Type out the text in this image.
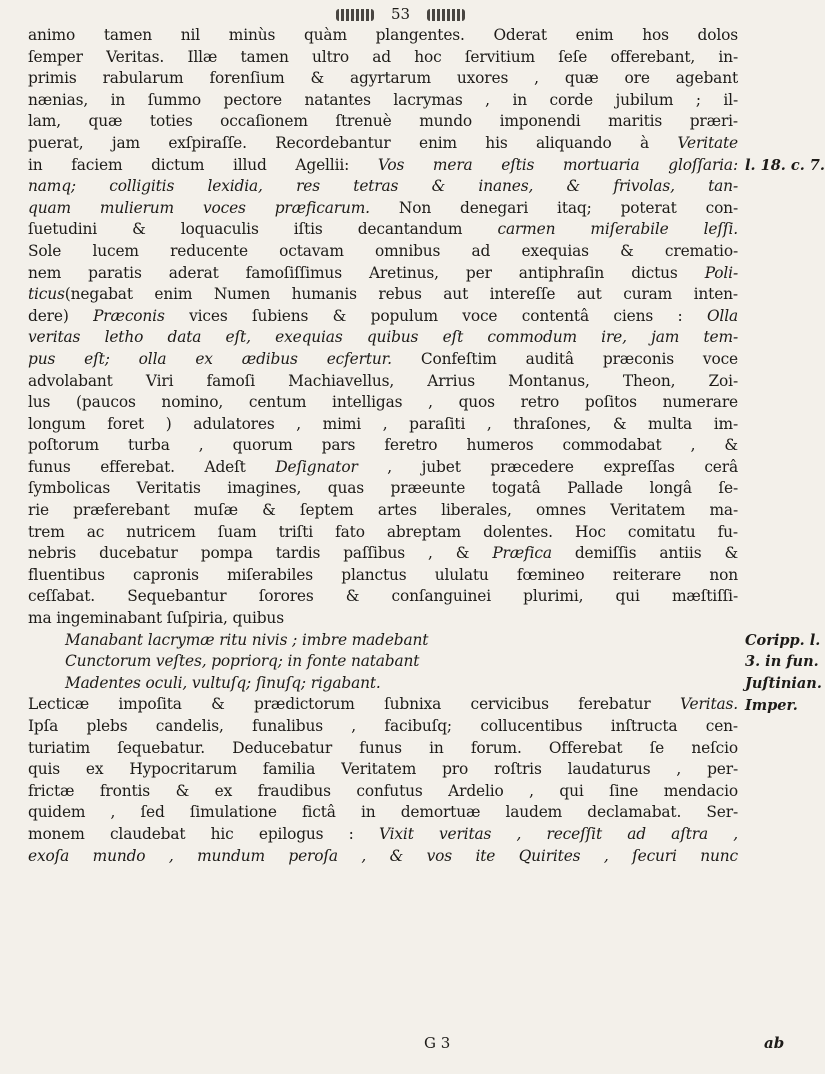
53
animo tamen nil minùs quàm plangentes. Oderat enim hos dolos
ſemper Veritas. Illæ tamen ultro ad hoc ſervitium ſeſe offerebant, in-
primis rabularum forenſium & agyrtarum uxores , quæ ore agebant
nænias, in ſummo pectore natantes lacrymas , in corde jubilum ; il-
lam, quæ toties occaſionem ſtrenuè mundo imponendi maritis præri-
puerat, jam exſpiraſſe. Recordebantur enim his aliquando à Veritate
in faciem dictum illud Agellii: Vos mera eſtis mortuaria gloſſaria:
namq; colligitis lexidia, res tetras & inanes, & frivolas, tan-
quam mulierum voces præficarum. Non denegari itaq; poterat con-
ſuetudini & loquaculis iſtis decantandum carmen miſerabile leſſi.
Sole lucem reducente octavam omnibus ad exequias & crematio-
nem paratis aderat famoſiſſimus Aretinus, per antiphraſin dictus Poli-
ticus(negabat enim Numen humanis rebus aut intereſſe aut curam inten-
dere) Præconis vices ſubiens & populum voce contentâ ciens : Olla
veritas letho data eſt, exequias quibus eſt commodum ire, jam tem-
pus eſt; olla ex ædibus ecfertur. Confeſtim auditâ præconis voce
advolabant Viri famoſi Machiavellus, Arrius Montanus, Theon, Zoi-
lus (paucos nomino, centum intelligas , quos retro poſitos numerare
longum foret ) adulatores , mimi , paraſiti , thraſones, & multa im-
poſtorum turba , quorum pars feretro humeros commodabat , &
funus efferebat. Adeſt Deſignator , jubet præcedere expreſſas cerâ
ſymbolicas Veritatis imagines, quas præeunte togatâ Pallade longâ ſe-
rie præferebant muſæ & ſeptem artes liberales, omnes Veritatem ma-
trem ac nutricem ſuam triſti fato abreptam dolentes. Hoc comitatu fu-
nebris ducebatur pompa tardis paſſibus , & Præfica demiſſis antiis &
fluentibus capronis miſerabiles planctus ululatu fœmineo reiterare non
ceſſabat. Sequebantur ſorores & conſanguinei plurimi, qui mæſtiſſi-
ma ingeminabant ſuſpiria, quibus
Manabant lacrymæ ritu nivis ; imbre madebant
Cunctorum veſtes, popriorq; in fonte natabant
Madentes oculi, vultuſq; ſinuſq; rigabant.
Lecticæ impoſita & prædictorum ſubnixa cervicibus ferebatur Veritas.
Ipſa plebs candelis, funalibus , facibuſq; collucentibus inſtructa cen-
turiatim ſequebatur. Deducebatur funus in forum. Offerebat ſe neſcio
quis ex Hypocritarum familia Veritatem pro roſtris laudaturus , per-
frictæ frontis & ex fraudibus confutus Ardelio , qui ſine mendacio
quidem , ſed ſimulatione fictâ in demortuæ laudem declamabat. Ser-
monem claudebat hic epilogus : Vixit veritas , receſſit ad aſtra ,
exoſa mundo , mundum peroſa , & vos ite Quirites , ſecuri nunc
l. 18. c. 7.
Coripp. l.
3. in fun.
Juſtinian.
Imper.
G 3	ab
